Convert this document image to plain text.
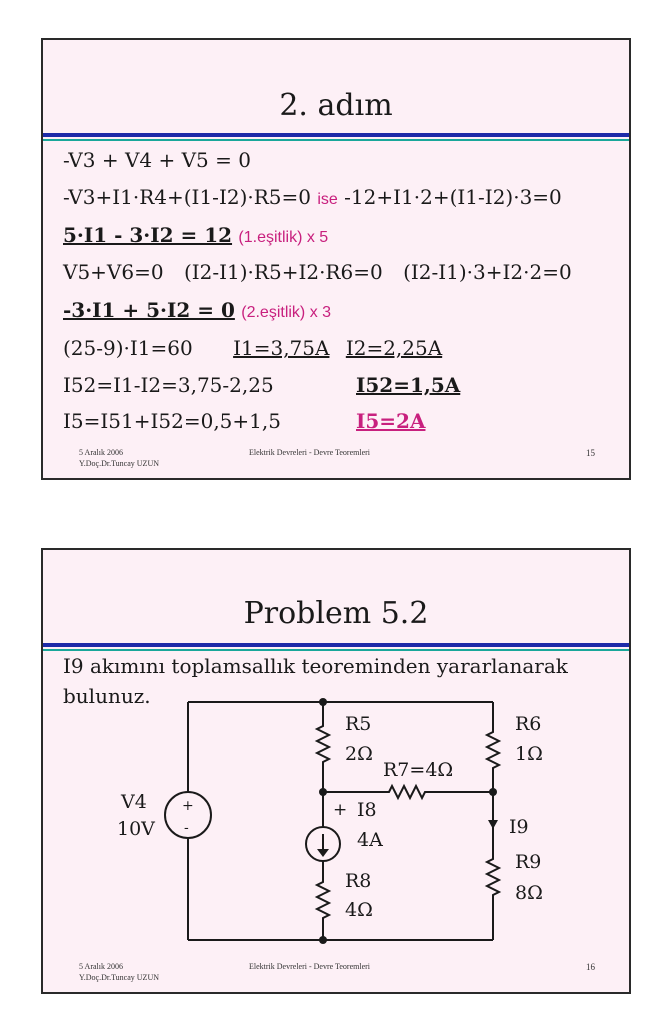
2. adım
-V3 + V4 + V5 = 0
-V3+I1·R4+(I1-I2)·R5=0 ise -12+I1·2+(I1-I2)·3=0
5·I1 - 3·I2 = 12 (1.eşitlik) x 5
V5+V6=0 (I2-I1)·R5+I2·R6=0 (I2-I1)·3+I2·2=0
-3·I1 + 5·I2 = 0 (2.eşitlik) x 3
(25-9)·I1=60 I1=3,75A I2=2,25A
I52=I1-I2=3,75-2,25	I52=1,5A
I5=I51+I52=0,5+1,5	I5=2A
5 Aralık 2006
Y.Doç.Dr.Tuncay UZUN
Elektrik Devreleri - Devre Teoremleri	15
Problem 5.2
I9 akımını toplamsallık teoreminden yararlanarak
bulunuz.
+
-
V4
10V
R5
2Ω
R7=4Ω
R6
1Ω
+ I8
4A
I9
R8
4Ω
R9
8Ω
5 Aralık 2006
Y.Doç.Dr.Tuncay UZUN
Elektrik Devreleri - Devre Teoremleri	16
